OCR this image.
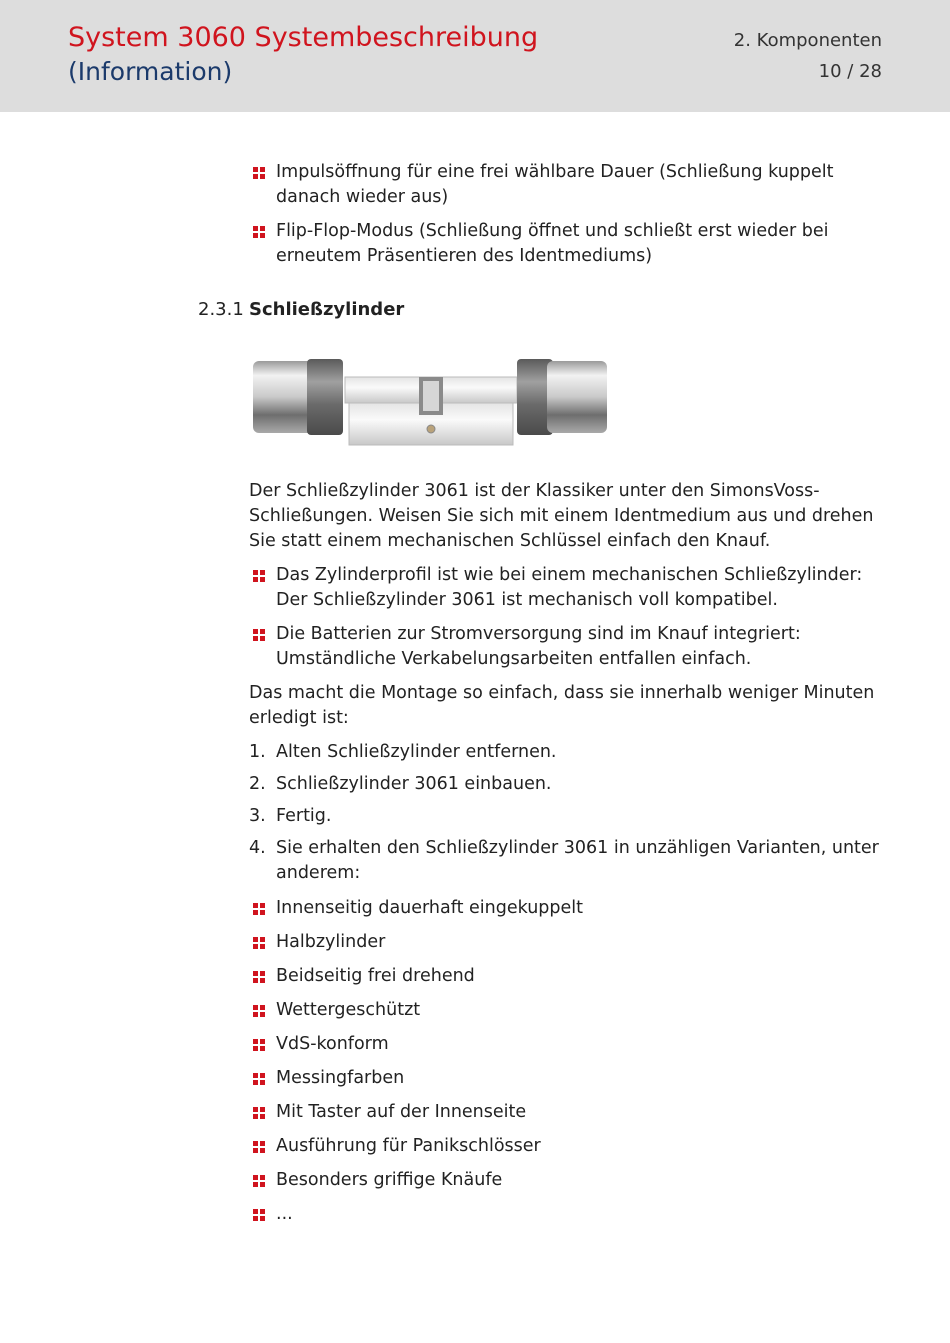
System 3060 Systembeschreibung
(Information)
2. Komponenten
10 / 28
Impulsöffnung für eine frei wählbare Dauer (Schließung kuppelt danach wieder aus)
Flip-Flop-Modus (Schließung öffnet und schließt erst wieder bei erneutem Präsentieren des Identmediums)
2.3.1 Schließzylinder
Der Schließzylinder 3061 ist der Klassiker unter den SimonsVoss-Schließungen. Weisen Sie sich mit einem Identmedium aus und drehen Sie statt einem mechanischen Schlüssel einfach den Knauf.
Das Zylinderprofil ist wie bei einem mechanischen Schließzylinder: Der Schließzylinder 3061 ist mechanisch voll kompatibel.
Die Batterien zur Stromversorgung sind im Knauf integriert: Umständliche Verkabelungsarbeiten entfallen einfach.
Das macht die Montage so einfach, dass sie innerhalb weniger Minuten erledigt ist:
1. Alten Schließzylinder entfernen.
2. Schließzylinder 3061 einbauen.
3. Fertig.
4. Sie erhalten den Schließzylinder 3061 in unzähligen Varianten, unter anderem:
Innenseitig dauerhaft eingekuppelt
Halbzylinder
Beidseitig frei drehend
Wettergeschützt
VdS-konform
Messingfarben
Mit Taster auf der Innenseite
Ausführung für Panikschlösser
Besonders griffige Knäufe
...
